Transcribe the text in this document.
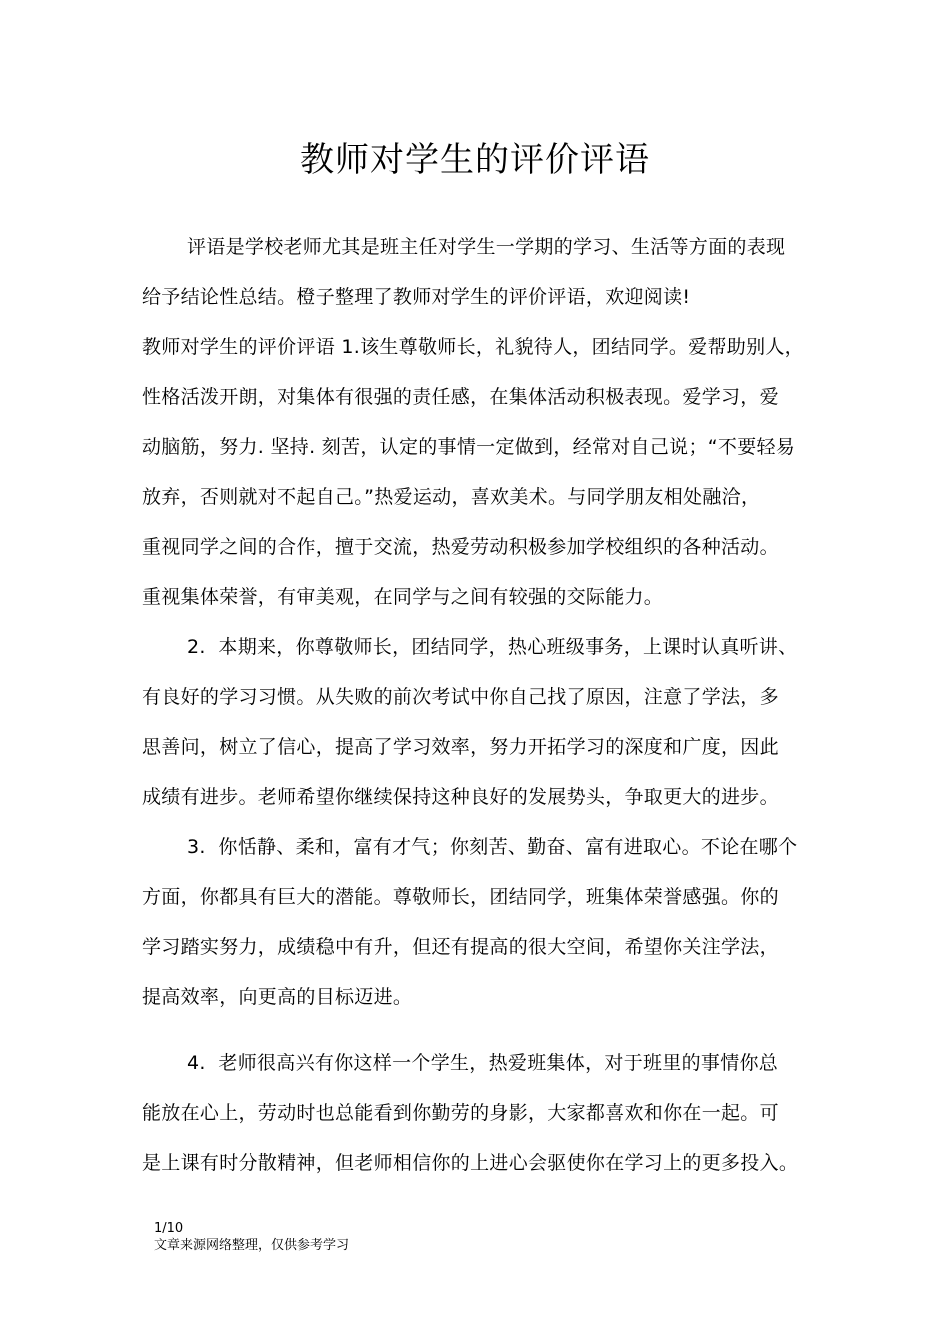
教师对学生的评价评语
评语是学校老师尤其是班主任对学生一学期的学习、生活等方面的表现
给予结论性总结。橙子整理了教师对学生的评价评语，欢迎阅读!
教师对学生的评价评语 1.该生尊敬师长，礼貌待人，团结同学。爱帮助别人，
性格活泼开朗，对集体有很强的责任感，在集体活动积极表现。爱学习，爱
动脑筋，努力. 坚持. 刻苦，认定的事情一定做到，经常对自己说；“不要轻易
放弃，否则就对不起自己。”热爱运动，喜欢美术。与同学朋友相处融洽，
重视同学之间的合作，擅于交流，热爱劳动积极参加学校组织的各种活动。
重视集体荣誉，有审美观，在同学与之间有较强的交际能力。
2.  本期来，你尊敬师长，团结同学，热心班级事务，上课时认真听讲、
有良好的学习习惯。从失败的前次考试中你自己找了原因，注意了学法，多
思善问，树立了信心，提高了学习效率，努力开拓学习的深度和广度，因此
成绩有进步。老师希望你继续保持这种良好的发展势头，争取更大的进步。
3.  你恬静、柔和，富有才气；你刻苦、勤奋、富有进取心。不论在哪个
方面，你都具有巨大的潜能。尊敬师长，团结同学，班集体荣誉感强。你的
学习踏实努力，成绩稳中有升，但还有提高的很大空间，希望你关注学法，
提高效率，向更高的目标迈进。
4.  老师很高兴有你这样一个学生，热爱班集体，对于班里的事情你总
能放在心上，劳动时也总能看到你勤劳的身影，大家都喜欢和你在一起。可
是上课有时分散精神，但老师相信你的上进心会驱使你在学习上的更多投入。
1/10
文章来源网络整理，仅供参考学习
